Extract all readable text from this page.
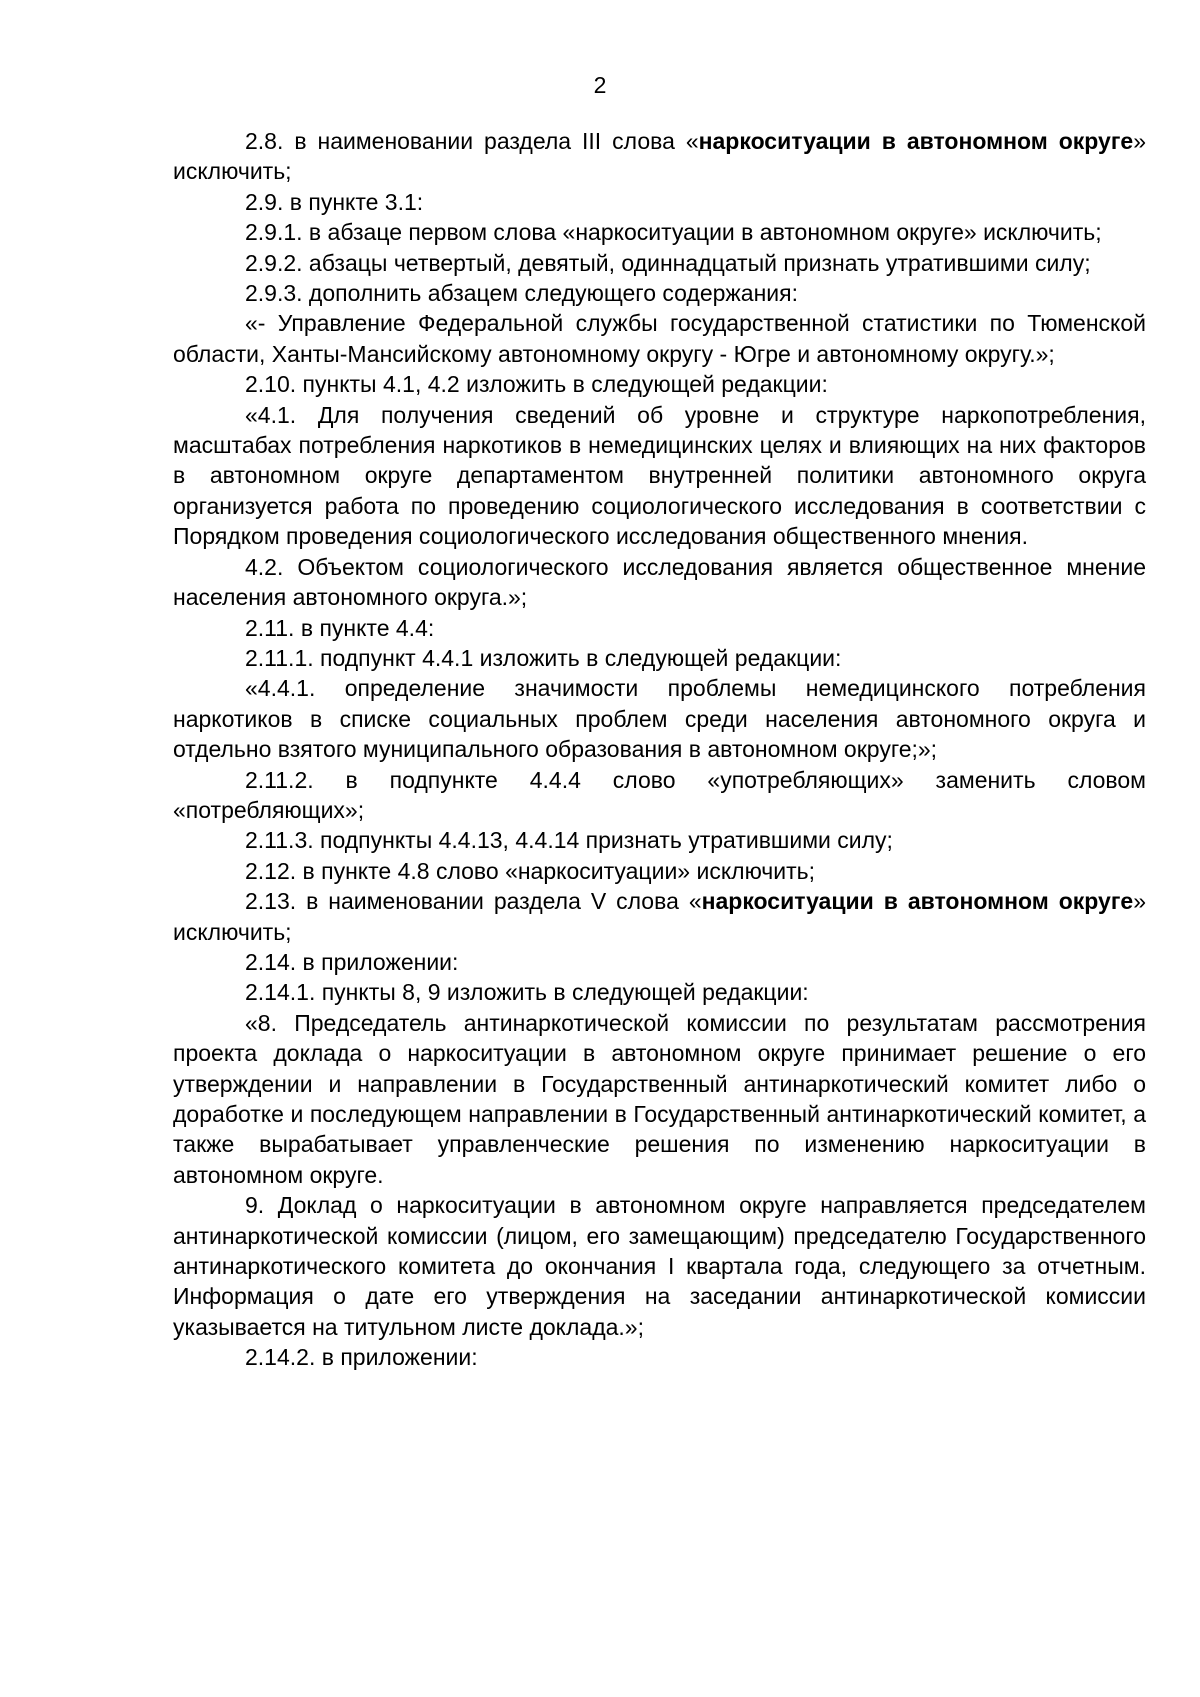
2

2.8. в наименовании раздела III слова «наркоситуации в автономном округе» исключить;

2.9. в пункте 3.1:

2.9.1. в абзаце первом слова «наркоситуации в автономном округе» исключить;

2.9.2. абзацы четвертый, девятый, одиннадцатый признать утратившими силу;

2.9.3. дополнить абзацем следующего содержания:

«- Управление Федеральной службы государственной статистики по Тюменской области, Ханты-Мансийскому автономному округу - Югре и автономному округу.»;

2.10. пункты 4.1, 4.2 изложить в следующей редакции:

«4.1. Для получения сведений об уровне и структуре наркопотребления, масштабах потребления наркотиков в немедицинских целях и влияющих на них факторов в автономном округе департаментом внутренней политики автономного округа организуется работа по проведению социологического исследования в соответствии с Порядком проведения социологического исследования общественного мнения.

4.2. Объектом социологического исследования является общественное мнение населения автономного округа.»;

2.11. в пункте 4.4:

2.11.1. подпункт 4.4.1 изложить в следующей редакции:

«4.4.1. определение значимости проблемы немедицинского потребления наркотиков в списке социальных проблем среди населения автономного округа и отдельно взятого муниципального образования в автономном округе;»;

2.11.2. в подпункте 4.4.4 слово «употребляющих» заменить словом «потребляющих»;

2.11.3. подпункты 4.4.13, 4.4.14 признать утратившими силу;

2.12. в пункте 4.8 слово «наркоситуации» исключить;

2.13. в наименовании раздела V слова «наркоситуации в автономном округе» исключить;

2.14. в приложении:

2.14.1. пункты 8, 9 изложить в следующей редакции:

«8. Председатель антинаркотической комиссии по результатам рассмотрения проекта доклада о наркоситуации в автономном округе принимает решение о его утверждении и направлении в Государственный антинаркотический комитет либо о доработке и последующем направлении в Государственный антинаркотический комитет, а также вырабатывает управленческие решения по изменению наркоситуации в автономном округе.

9. Доклад о наркоситуации в автономном округе направляется председателем антинаркотической комиссии (лицом, его замещающим) председателю Государственного антинаркотического комитета до окончания I квартала года, следующего за отчетным. Информация о дате его утверждения на заседании антинаркотической комиссии указывается на титульном листе доклада.»;

2.14.2. в приложении:
